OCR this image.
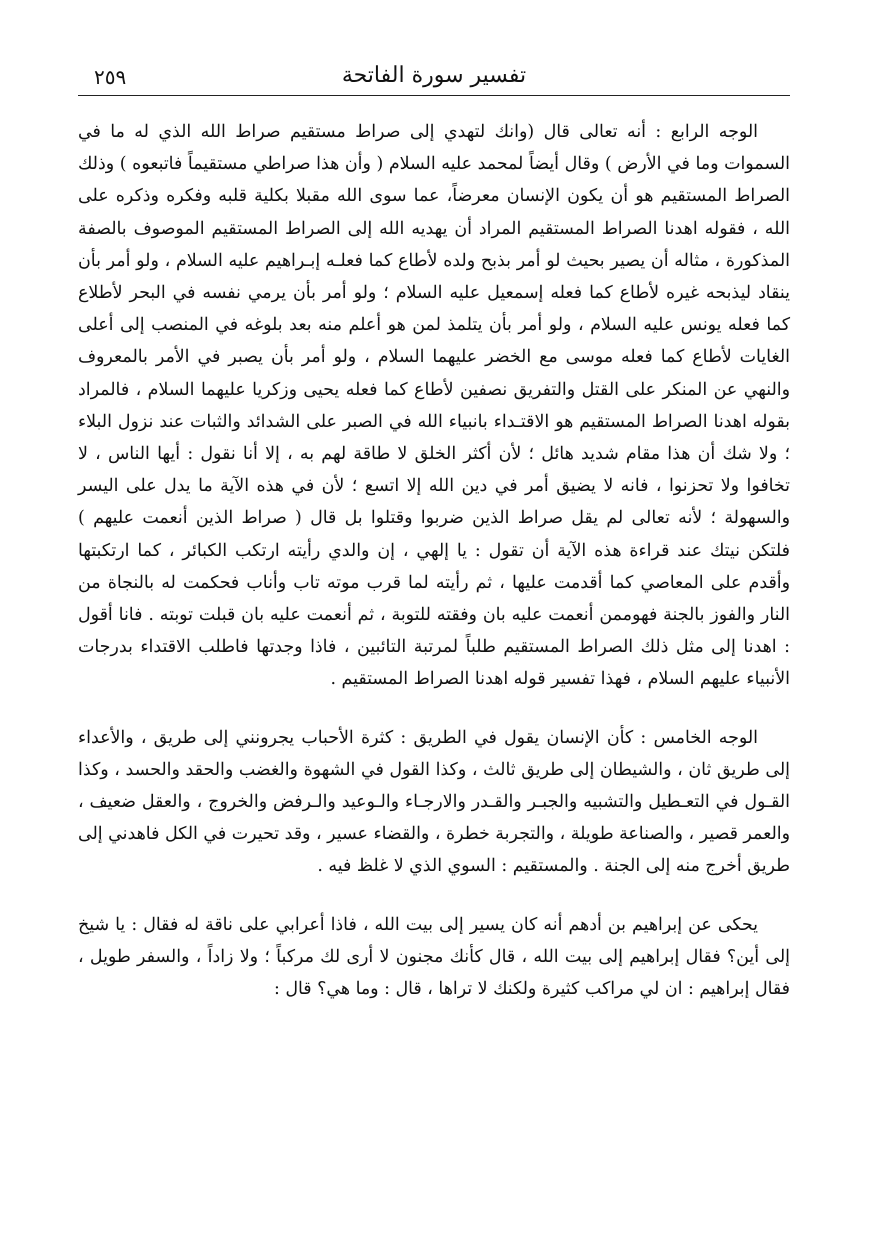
تفسير سورة الفاتحة
٢٥٩

الوجه الرابع : أنه تعالى قال (وانك لتهدي إلى صراط مستقيم صراط الله الذي له ما في السموات وما في الأرض ) وقال أيضاً لمحمد عليه السلام ( وأن هذا صراطي مستقيماً فاتبعوه ) وذلك الصراط المستقيم هو أن يكون الإنسان معرضاً، عما سوى الله مقبلا بكلية قلبه وفكره وذكره على الله ، فقوله اهدنا الصراط المستقيم المراد أن يهديه الله إلى الصراط المستقيم الموصوف بالصفة المذكورة ، مثاله أن يصير بحيث لو أمر بذبح ولده لأطاع كما فعلـه إبـراهيم عليه السلام ، ولو أمر بأن ينقاد ليذبحه غيره لأطاع كما فعله إسمعيل عليه السلام ؛ ولو أمر بأن يرمي نفسه في البحر لأطلاع كما فعله يونس عليه السلام ، ولو أمر بأن يتلمذ لمن هو أعلم منه بعد بلوغه في المنصب إلى أعلى الغايات لأطاع كما فعله موسى مع الخضر عليهما السلام ، ولو أمر بأن يصبر في الأمر بالمعروف والنهي عن المنكر على القتل والتفريق نصفين لأطاع كما فعله يحيى وزكريا عليهما السلام ، فالمراد بقوله اهدنا الصراط المستقيم هو الاقتـداء بانبياء الله في الصبر على الشدائد والثبات عند نزول البلاء ؛ ولا شك أن هذا مقام شديد هائل ؛ لأن أكثر الخلق لا طاقة لهم به ، إلا أنا نقول : أيها الناس ، لا تخافوا ولا تحزنوا ، فانه لا يضيق أمر في دين الله إلا اتسع ؛ لأن في هذه الآية ما يدل على اليسر والسهولة ؛ لأنه تعالى لم يقل صراط الذين ضربوا وقتلوا بل قال ( صراط الذين أنعمت عليهم ) فلتكن نيتك عند قراءة هذه الآية أن تقول : يا إلهي ، إن والدي رأيته ارتكب الكبائر ، كما ارتكبتها وأقدم على المعاصي كما أقدمت عليها ، ثم رأيته لما قرب موته تاب وأناب فحكمت له بالنجاة من النار والفوز بالجنة فهوممن أنعمت عليه بان وفقته للتوبة ، ثم أنعمت عليه بان قبلت توبته . فانا أقول : اهدنا إلى مثل ذلك الصراط المستقيم طلباً لمرتبة التائبين ، فاذا وجدتها فاطلب الاقتداء بدرجات الأنبياء عليهم السلام ، فهذا تفسير قوله اهدنا الصراط المستقيم .

الوجه الخامس : كأن الإنسان يقول في الطريق : كثرة الأحباب يجرونني إلى طريق ، والأعداء إلى طريق ثان ، والشيطان إلى طريق ثالث ، وكذا القول في الشهوة والغضب والحقد والحسد ، وكذا القـول في التعـطيل والتشبيه والجبـر والقـدر والارجـاء والـوعيد والـرفض والخروج ، والعقل ضعيف ، والعمر قصير ، والصناعة طويلة ، والتجربة خطرة ، والقضاء عسير ، وقد تحيرت في الكل فاهدني إلى طريق أخرج منه إلى الجنة . والمستقيم : السوي الذي لا غلظ فيه .

يحكى عن إبراهيم بن أدهم أنه كان يسير إلى بيت الله ، فاذا أعرابي على ناقة له فقال : يا شيخ إلى أين؟ فقال إبراهيم إلى بيت الله ، قال كأنك مجنون لا أرى لك مركباً ؛ ولا زاداً ، والسفر طويل ، فقال إبراهيم : ان لي مراكب كثيرة ولكنك لا تراها ، قال : وما هي؟ قال :
